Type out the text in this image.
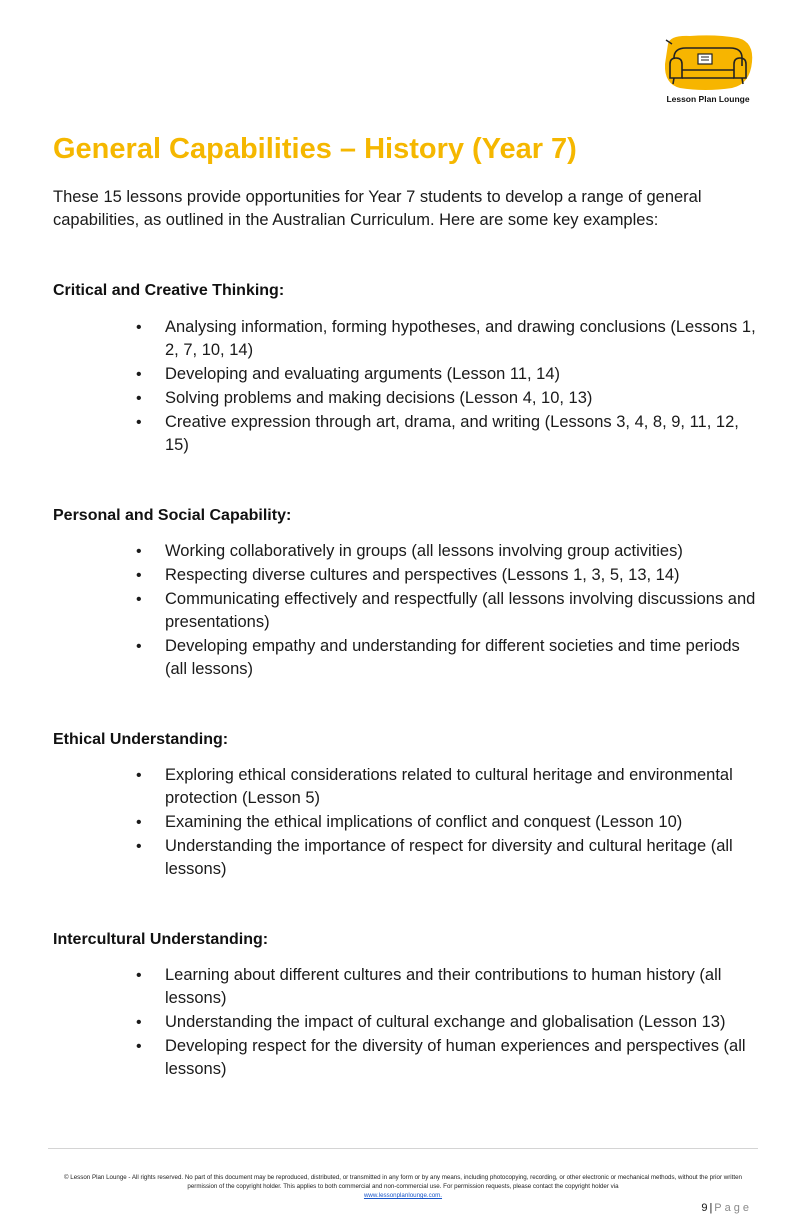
Lesson Plan Lounge
General Capabilities – History (Year 7)

These 15 lessons provide opportunities for Year 7 students to develop a range of general capabilities, as outlined in the Australian Curriculum. Here are some key examples:

Critical and Creative Thinking:
• Analysing information, forming hypotheses, and drawing conclusions (Lessons 1, 2, 7, 10, 14)
• Developing and evaluating arguments (Lesson 11, 14)
• Solving problems and making decisions (Lesson 4, 10, 13)
• Creative expression through art, drama, and writing (Lessons 3, 4, 8, 9, 11, 12, 15)
Personal and Social Capability:
• Working collaboratively in groups (all lessons involving group activities)
• Respecting diverse cultures and perspectives (Lessons 1, 3, 5, 13, 14)
• Communicating effectively and respectfully (all lessons involving discussions and presentations)
• Developing empathy and understanding for different societies and time periods (all lessons)
Ethical Understanding:
• Exploring ethical considerations related to cultural heritage and environmental protection (Lesson 5)
• Examining the ethical implications of conflict and conquest (Lesson 10)
• Understanding the importance of respect for diversity and cultural heritage (all lessons)
Intercultural Understanding:
• Learning about different cultures and their contributions to human history (all lessons)
• Understanding the impact of cultural exchange and globalisation (Lesson 13)
• Developing respect for the diversity of human experiences and perspectives (all lessons)

© Lesson Plan Lounge - All rights reserved. No part of this document may be reproduced, distributed, or transmitted in any form or by any means, including photocopying, recording, or other electronic or mechanical methods, without the prior written permission of the copyright holder. This applies to both commercial and non-commercial use. For permission requests, please contact the copyright holder via

www.lessonplanlounge.com.
9 | Page
